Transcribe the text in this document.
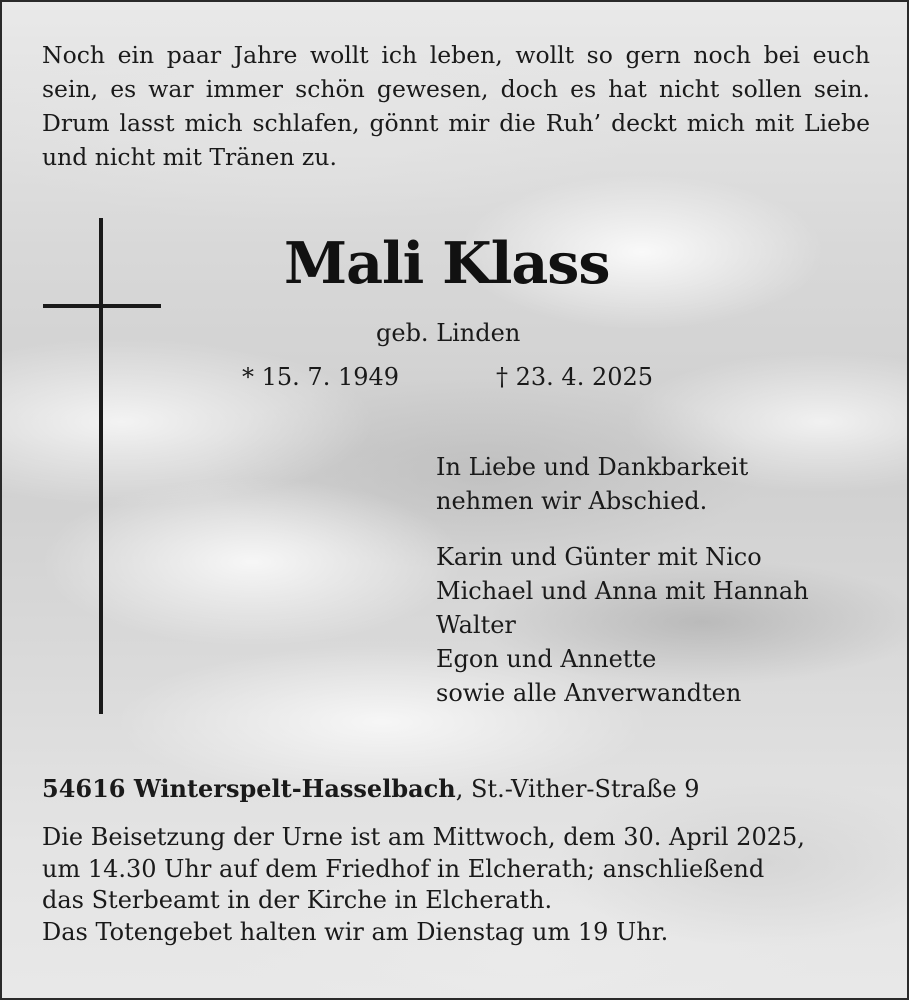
Noch ein paar Jahre wollt ich leben, wollt so gern noch bei euch sein, es war immer schön gewesen, doch es hat nicht sollen sein. Drum lasst mich schlafen, gönnt mir die Ruh’ deckt mich mit Liebe und nicht mit Tränen zu.
Mali Klass
geb. Linden
* 15. 7. 1949	† 23. 4. 2025
In Liebe und Dankbarkeit
nehmen wir Abschied.
Karin und Günter mit Nico
Michael und Anna mit Hannah
Walter
Egon und Annette
sowie alle Anverwandten
54616 Winterspelt-Hasselbach, St.-Vither-Straße 9
Die Beisetzung der Urne ist am Mittwoch, dem 30. April 2025,
um 14.30 Uhr auf dem Friedhof in Elcherath; anschließend
das Sterbeamt in der Kirche in Elcherath.
Das Totengebet halten wir am Dienstag um 19 Uhr.
